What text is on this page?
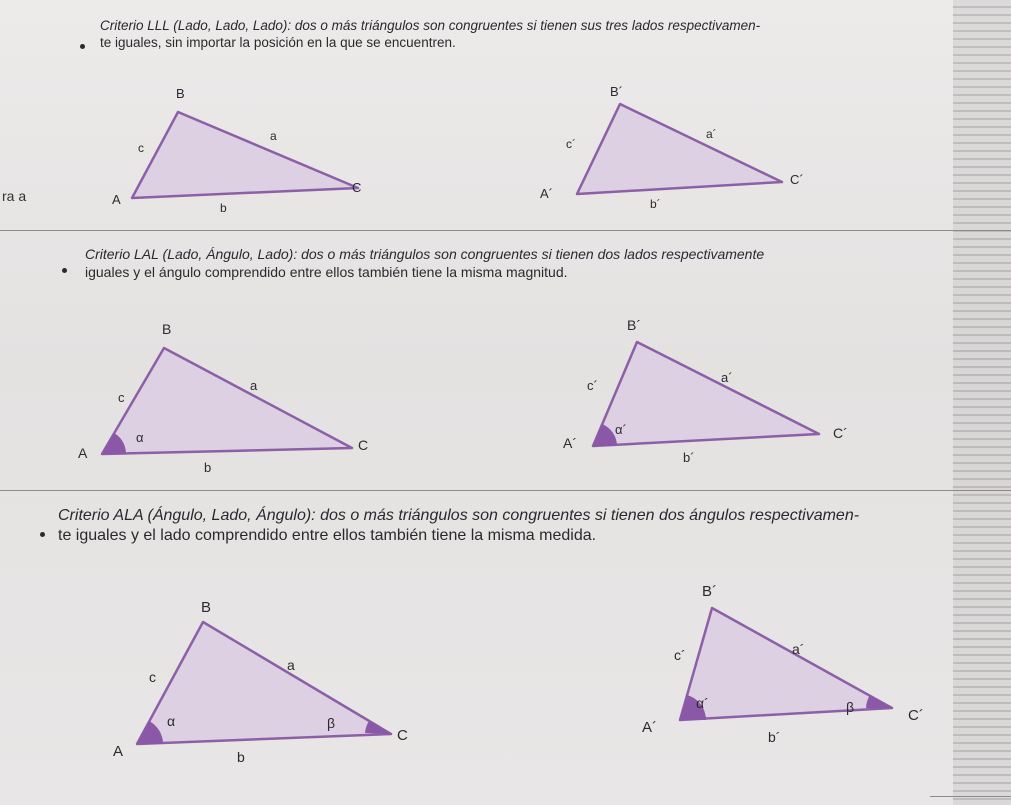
ra a
Criterio LLL (Lado, Lado, Lado): dos o más triángulos son congruentes si tienen sus tres lados respectivamen-
te iguales, sin importar la posición en la que se encuentren.
B
A
C
a
b
c
B´
A´
C´
a´
b´
c´
Criterio LAL (Lado, Ángulo, Lado): dos o más triángulos son congruentes si tienen dos lados respectivamente
iguales y el ángulo comprendido entre ellos también tiene la misma magnitud.
B
A	C
a
b
c
α
B´
A´
C´
a´
b´
c´
α´
Criterio ALA (Ángulo, Lado, Ángulo): dos o más triángulos son congruentes si tienen dos ángulos respectivamen-
te iguales y el lado comprendido entre ellos también tiene la misma medida.
B
A
C
a
b
c
α	β
B´
A´
C´
a´
b´
c´
α´	β
